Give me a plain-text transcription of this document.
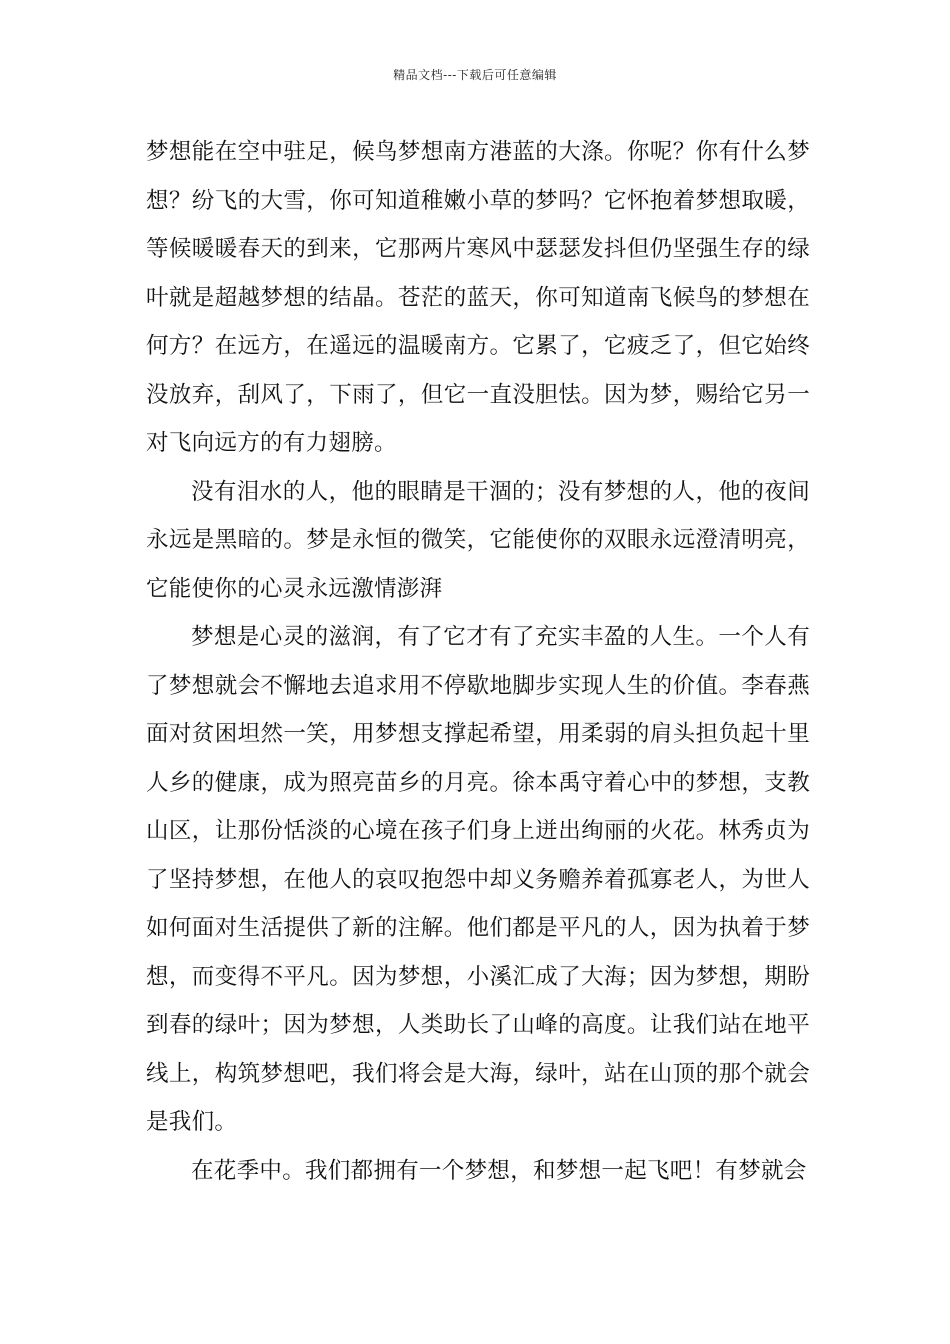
精品文档---下载后可任意编辑

梦想能在空中驻足，候鸟梦想南方港蓝的大涤。你呢？你有什么梦想？纷飞的大雪，你可知道稚嫩小草的梦吗？它怀抱着梦想取暖，等候暖暖春天的到来，它那两片寒风中瑟瑟发抖但仍坚强生存的绿叶就是超越梦想的结晶。苍茫的蓝天，你可知道南飞候鸟的梦想在何方？在远方，在遥远的温暖南方。它累了，它疲乏了，但它始终没放弃，刮风了，下雨了，但它一直没胆怯。因为梦，赐给它另一对飞向远方的有力翅膀。

没有泪水的人，他的眼睛是干涸的；没有梦想的人，他的夜间永远是黑暗的。梦是永恒的微笑，它能使你的双眼永远澄清明亮，它能使你的心灵永远激情澎湃

梦想是心灵的滋润，有了它才有了充实丰盈的人生。一个人有了梦想就会不懈地去追求用不停歇地脚步实现人生的价值。李春燕面对贫困坦然一笑，用梦想支撑起希望，用柔弱的肩头担负起十里人乡的健康，成为照亮苗乡的月亮。徐本禹守着心中的梦想，支教山区，让那份恬淡的心境在孩子们身上迸出绚丽的火花。林秀贞为了坚持梦想，在他人的哀叹抱怨中却义务赡养着孤寡老人，为世人如何面对生活提供了新的注解。他们都是平凡的人，因为执着于梦想，而变得不平凡。因为梦想，小溪汇成了大海；因为梦想，期盼到春的绿叶；因为梦想，人类助长了山峰的高度。让我们站在地平线上，构筑梦想吧，我们将会是大海，绿叶，站在山顶的那个就会是我们。

在花季中。我们都拥有一个梦想，和梦想一起飞吧！有梦就会
